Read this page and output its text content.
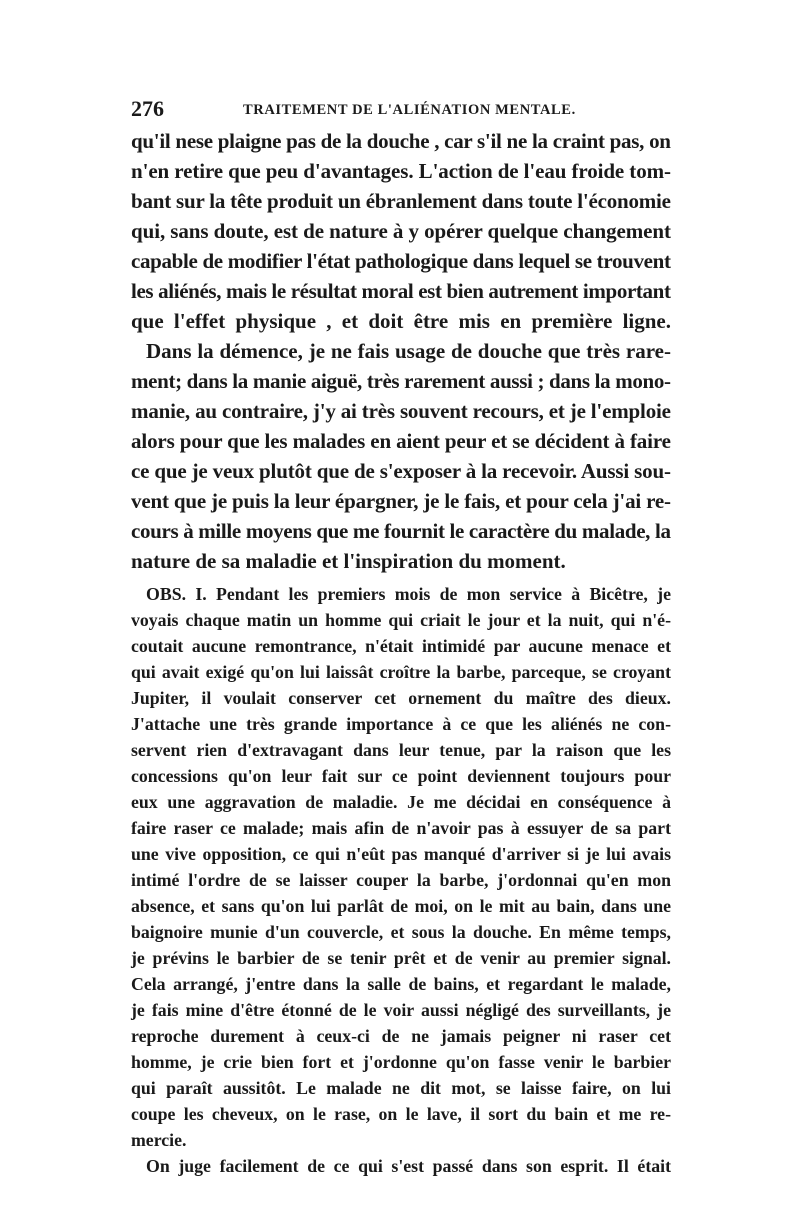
276	TRAITEMENT DE L'ALIÉNATION MENTALE.
qu'il nese plaigne pas de la douche , car s'il ne la craint pas, on
n'en retire que peu d'avantages. L'action de l'eau froide tom-
bant sur la tête produit un ébranlement dans toute l'économie
qui, sans doute, est de nature à y opérer quelque changement
capable de modifier l'état pathologique dans lequel se trouvent
les aliénés, mais le résultat moral est bien autrement important
que l'effet physique , et doit être mis en première ligne.
Dans la démence, je ne fais usage de douche que très rare-
ment; dans la manie aiguë, très rarement aussi ; dans la mono-
manie, au contraire, j'y ai très souvent recours, et je l'emploie
alors pour que les malades en aient peur et se décident à faire
ce que je veux plutôt que de s'exposer à la recevoir. Aussi sou-
vent que je puis la leur épargner, je le fais, et pour cela j'ai re-
cours à mille moyens que me fournit le caractère du malade, la
nature de sa maladie et l'inspiration du moment.
OBS. I. Pendant les premiers mois de mon service à Bicêtre, je
voyais chaque matin un homme qui criait le jour et la nuit, qui n'é-
coutait aucune remontrance, n'était intimidé par aucune menace et
qui avait exigé qu'on lui laissât croître la barbe, parceque, se croyant
Jupiter, il voulait conserver cet ornement du maître des dieux.
J'attache une très grande importance à ce que les aliénés ne con-
servent rien d'extravagant dans leur tenue, par la raison que les
concessions qu'on leur fait sur ce point deviennent toujours pour
eux une aggravation de maladie. Je me décidai en conséquence à
faire raser ce malade; mais afin de n'avoir pas à essuyer de sa part
une vive opposition, ce qui n'eût pas manqué d'arriver si je lui avais
intimé l'ordre de se laisser couper la barbe, j'ordonnai qu'en mon
absence, et sans qu'on lui parlât de moi, on le mit au bain, dans une
baignoire munie d'un couvercle, et sous la douche. En même temps,
je prévins le barbier de se tenir prêt et de venir au premier signal.
Cela arrangé, j'entre dans la salle de bains, et regardant le malade,
je fais mine d'être étonné de le voir aussi négligé des surveillants, je
reproche durement à ceux-ci de ne jamais peigner ni raser cet
homme, je crie bien fort et j'ordonne qu'on fasse venir le barbier
qui paraît aussitôt. Le malade ne dit mot, se laisse faire, on lui
coupe les cheveux, on le rase, on le lave, il sort du bain et me re-
mercie.
On juge facilement de ce qui s'est passé dans son esprit. Il était
